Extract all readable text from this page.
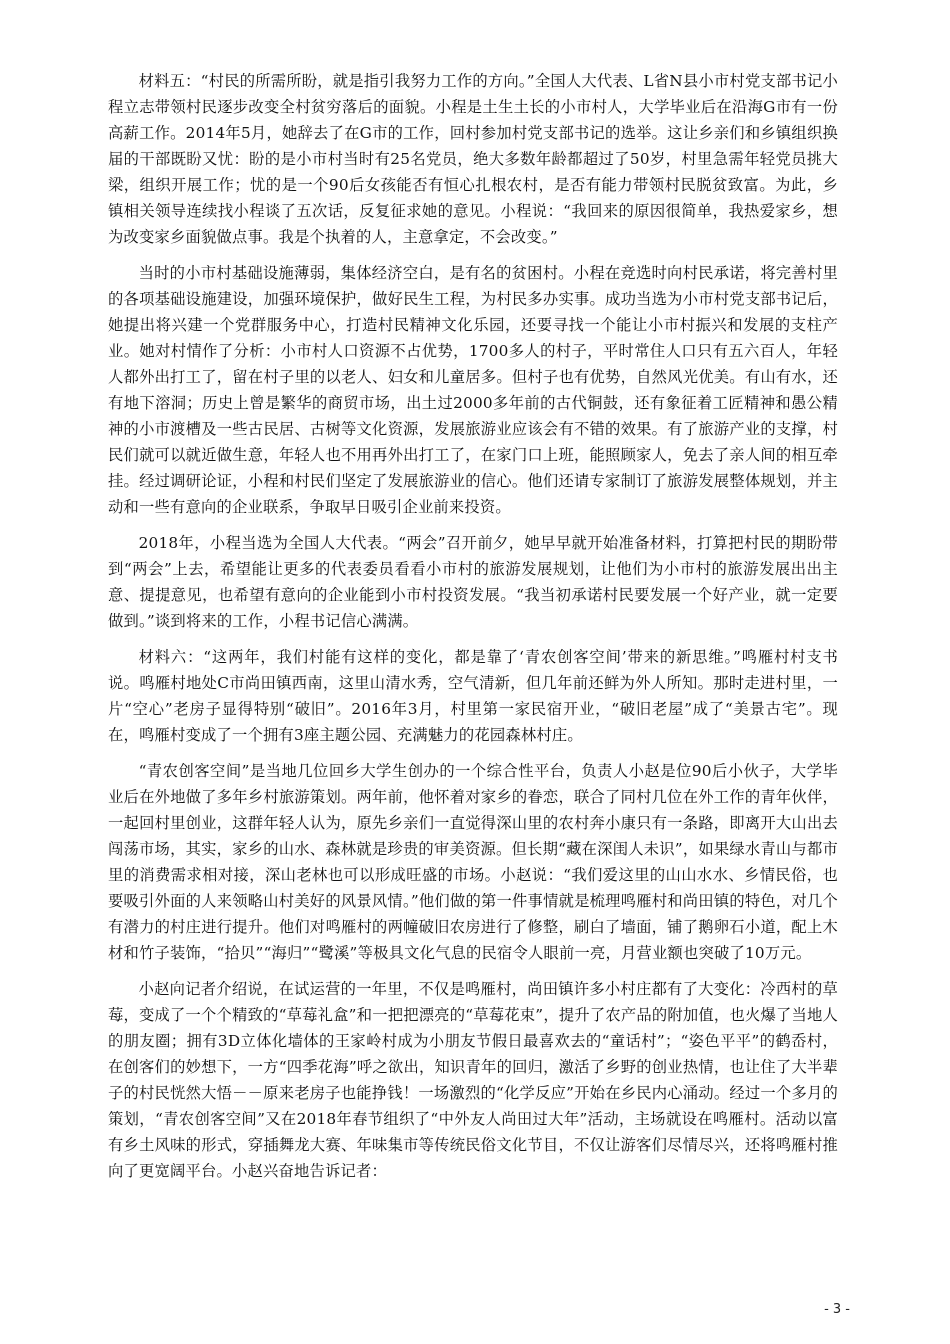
材料五：“村民的所需所盼，就是指引我努力工作的方向。”全国人大代表、L省N县小市村党支部书记小程立志带领村民逐步改变全村贫穷落后的面貌。小程是土生土长的小市村人，大学毕业后在沿海G市有一份高薪工作。2014年5月，她辞去了在G市的工作，回村参加村党支部书记的选举。这让乡亲们和乡镇组织换届的干部既盼又忧：盼的是小市村当时有25名党员，绝大多数年龄都超过了50岁，村里急需年轻党员挑大梁，组织开展工作；忧的是一个90后女孩能否有恒心扎根农村，是否有能力带领村民脱贫致富。为此，乡镇相关领导连续找小程谈了五次话，反复征求她的意见。小程说：“我回来的原因很简单，我热爱家乡，想为改变家乡面貌做点事。我是个执着的人，主意拿定，不会改变。”

当时的小市村基础设施薄弱，集体经济空白，是有名的贫困村。小程在竞选时向村民承诺，将完善村里的各项基础设施建设，加强环境保护，做好民生工程，为村民多办实事。成功当选为小市村党支部书记后，她提出将兴建一个党群服务中心，打造村民精神文化乐园，还要寻找一个能让小市村振兴和发展的支柱产业。她对村情作了分析：小市村人口资源不占优势，1700多人的村子，平时常住人口只有五六百人，年轻人都外出打工了，留在村子里的以老人、妇女和儿童居多。但村子也有优势，自然风光优美。有山有水，还有地下溶洞；历史上曾是繁华的商贸市场，出土过2000多年前的古代铜鼓，还有象征着工匠精神和愚公精神的小市渡槽及一些古民居、古树等文化资源，发展旅游业应该会有不错的效果。有了旅游产业的支撑，村民们就可以就近做生意，年轻人也不用再外出打工了，在家门口上班，能照顾家人，免去了亲人间的相互牵挂。经过调研论证，小程和村民们坚定了发展旅游业的信心。他们还请专家制订了旅游发展整体规划，并主动和一些有意向的企业联系，争取早日吸引企业前来投资。

2018年，小程当选为全国人大代表。“两会”召开前夕，她早早就开始准备材料，打算把村民的期盼带到“两会”上去，希望能让更多的代表委员看看小市村的旅游发展规划，让他们为小市村的旅游发展出出主意、提提意见，也希望有意向的企业能到小市村投资发展。“我当初承诺村民要发展一个好产业，就一定要做到。”谈到将来的工作，小程书记信心满满。

材料六：“这两年，我们村能有这样的变化，都是靠了‘青农创客空间’带来的新思维。”鸣雁村村支书说。鸣雁村地处C市尚田镇西南，这里山清水秀，空气清新，但几年前还鲜为外人所知。那时走进村里，一片“空心”老房子显得特别“破旧”。2016年3月，村里第一家民宿开业，“破旧老屋”成了“美景古宅”。现在，鸣雁村变成了一个拥有3座主题公园、充满魅力的花园森林村庄。

“青农创客空间”是当地几位回乡大学生创办的一个综合性平台，负责人小赵是位90后小伙子，大学毕业后在外地做了多年乡村旅游策划。两年前，他怀着对家乡的眷恋，联合了同村几位在外工作的青年伙伴，一起回村里创业，这群年轻人认为，原先乡亲们一直觉得深山里的农村奔小康只有一条路，即离开大山出去闯荡市场，其实，家乡的山水、森林就是珍贵的审美资源。但长期“藏在深闺人未识”，如果绿水青山与都市里的消费需求相对接，深山老林也可以形成旺盛的市场。小赵说：“我们爱这里的山山水水、乡情民俗，也要吸引外面的人来领略山村美好的风景风情。”他们做的第一件事情就是梳理鸣雁村和尚田镇的特色，对几个有潜力的村庄进行提升。他们对鸣雁村的两幢破旧农房进行了修整，刷白了墙面，铺了鹅卵石小道，配上木材和竹子装饰，“拾贝”“海归”“鹭溪”等极具文化气息的民宿令人眼前一亮，月营业额也突破了10万元。

小赵向记者介绍说，在试运营的一年里，不仅是鸣雁村，尚田镇许多小村庄都有了大变化：冷西村的草莓，变成了一个个精致的“草莓礼盒”和一把把漂亮的“草莓花束”，提升了农产品的附加值，也火爆了当地人的朋友圈；拥有3D立体化墙体的王家岭村成为小朋友节假日最喜欢去的“童话村”；“姿色平平”的鹤岙村，在创客们的妙想下，一方“四季花海”呼之欲出，知识青年的回归，激活了乡野的创业热情，也让住了大半辈子的村民恍然大悟－－原来老房子也能挣钱！一场激烈的“化学反应”开始在乡民内心涌动。经过一个多月的策划，“青农创客空间”又在2018年春节组织了“中外友人尚田过大年”活动，主场就设在鸣雁村。活动以富有乡土风味的形式，穿插舞龙大赛、年味集市等传统民俗文化节目，不仅让游客们尽情尽兴，还将鸣雁村推向了更宽阔平台。小赵兴奋地告诉记者：

- 3 -
